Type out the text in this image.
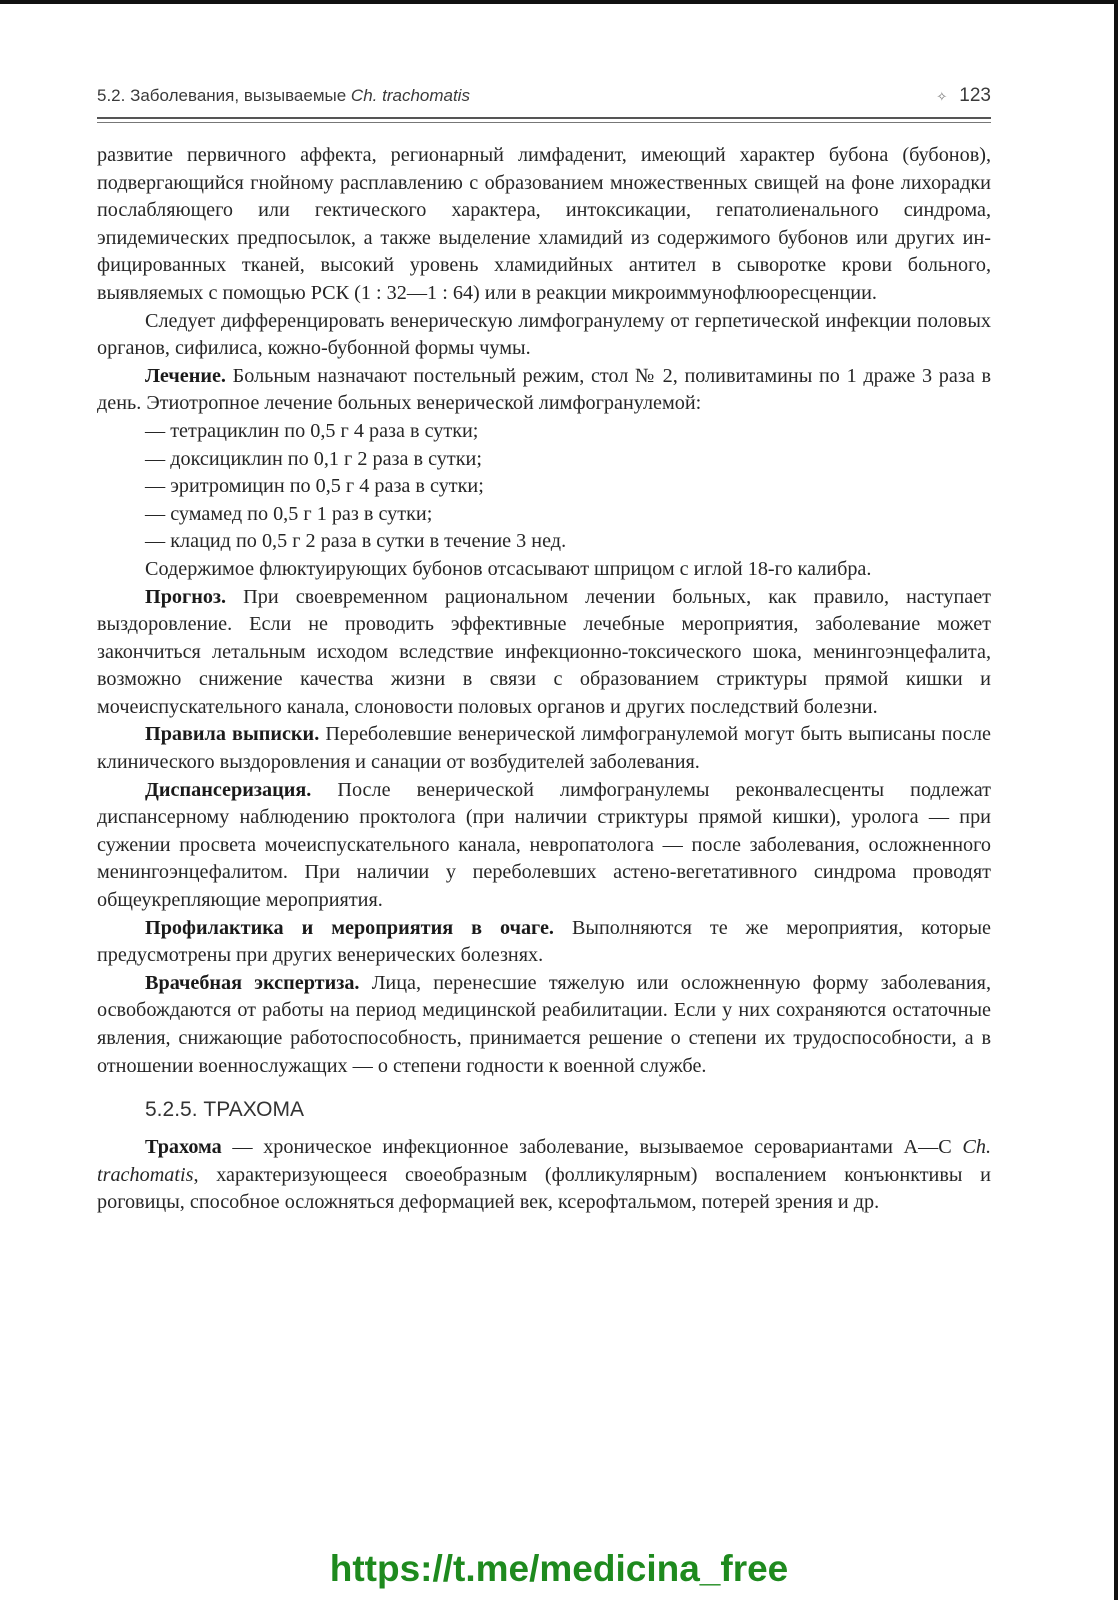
5.2. Заболевания, вызываемые Ch. trachomatis	✧ 123

развитие первичного аффекта, регионарный лимфаденит, имеющий характер бубона (бубонов), подвергающийся гнойному расплавлению с образованием множественных свищей на фоне лихорадки послабляющего или гектического характера, интоксикации, гепатолиенального синдрома, эпидемических предпосылок, а также выделение хламидий из содержимого бубонов или других инфицированных тканей, высокий уровень хламидийных антител в сыворотке крови больного, выявляемых с помощью РСК (1 : 32—1 : 64) или в реакции микроиммунофлюоресценции.

Следует дифференцировать венерическую лимфогранулему от герпетической инфекции половых органов, сифилиса, кожно-бубонной формы чумы.

Лечение. Больным назначают постельный режим, стол № 2, поливитамины по 1 драже 3 раза в день. Этиотропное лечение больных венерической лимфогранулемой:

— тетрациклин по 0,5 г 4 раза в сутки;
— доксициклин по 0,1 г 2 раза в сутки;
— эритромицин по 0,5 г 4 раза в сутки;
— сумамед по 0,5 г 1 раз в сутки;
— клацид по 0,5 г 2 раза в сутки в течение 3 нед.

Содержимое флюктуирующих бубонов отсасывают шприцом с иглой 18-го калибра.

Прогноз. При своевременном рациональном лечении больных, как правило, наступает выздоровление. Если не проводить эффективные лечебные мероприятия, заболевание может закончиться летальным исходом вследствие инфекционно-токсического шока, менингоэнцефалита, возможно снижение качества жизни в связи с образованием стриктуры прямой кишки и мочеиспускательного канала, слоновости половых органов и других последствий болезни.

Правила выписки. Переболевшие венерической лимфогранулемой могут быть выписаны после клинического выздоровления и санации от возбудителей заболевания.

Диспансеризация. После венерической лимфогранулемы реконвалесценты подлежат диспансерному наблюдению проктолога (при наличии стриктуры прямой кишки), уролога — при сужении просвета мочеиспускательного канала, невропатолога — после заболевания, осложненного менингоэнцефалитом. При наличии у переболевших астено-вегетативного синдрома проводят общеукрепляющие мероприятия.

Профилактика и мероприятия в очаге. Выполняются те же мероприятия, которые предусмотрены при других венерических болезнях.

Врачебная экспертиза. Лица, перенесшие тяжелую или осложненную форму заболевания, освобождаются от работы на период медицинской реабилитации. Если у них сохраняются остаточные явления, снижающие работоспособность, принимается решение о степени их трудоспособности, а в отношении военнослужащих — о степени годности к военной службе.

5.2.5. ТРАХОМА

Трахома — хроническое инфекционное заболевание, вызываемое серовариантами А—С Ch. trachomatis, характеризующееся своеобразным (фолликулярным) воспалением конъюнктивы и роговицы, способное осложняться деформацией век, ксерофтальмом, потерей зрения и др.

https://t.me/medicina_free
